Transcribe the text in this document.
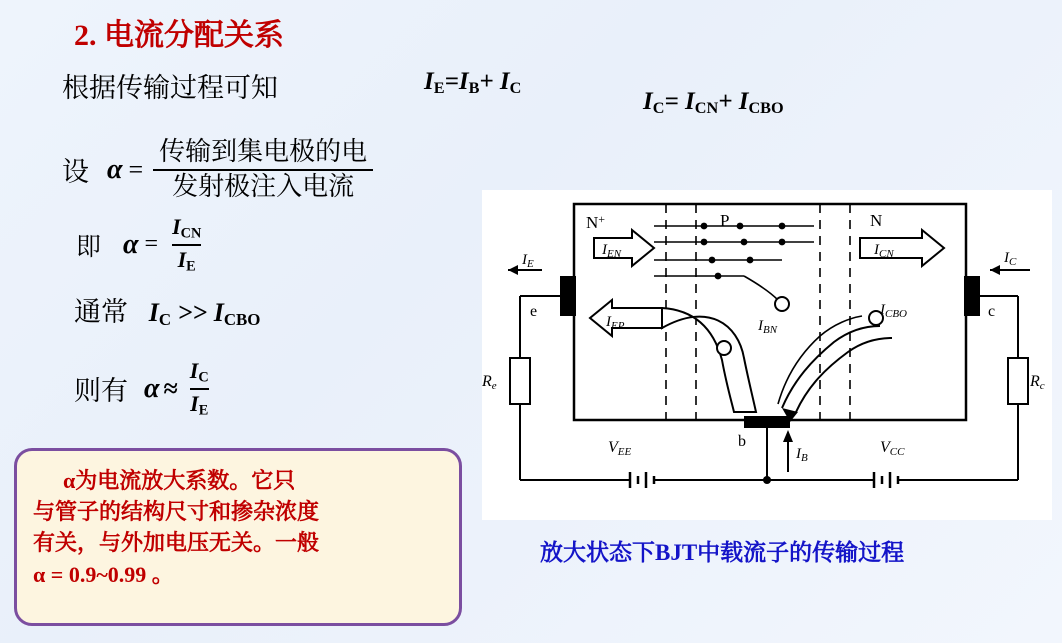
2. 电流分配关系
根据传输过程可知	$I_E=I_B+ I_C$	$I_C= I_{CN}+ I_{CBO}$
设 $\alpha = \frac{\text{传输到集电极的电}}{\text{发射极注入电流}}$
即 α =
$I_{CN}$
$I_E$
通常 $I_C >> I_{CBO}$
则有 α ≈
$I_C$
$I_E$
α为电流放大系数。它只
与管子的结构尺寸和掺杂浓度
有关，与外加电压无关。一般
α = 0.9~0.99 。
N+	P	N
$I_{EN}$	$I_{CN}$
$I_{EP}$	$I_{BN}$
$I_{CBO}$
$I_E$
e
Re
VEE
b
$I_B$
VCC
Rc
c
$I_C$
放大状态下BJT中载流子的传输过程
